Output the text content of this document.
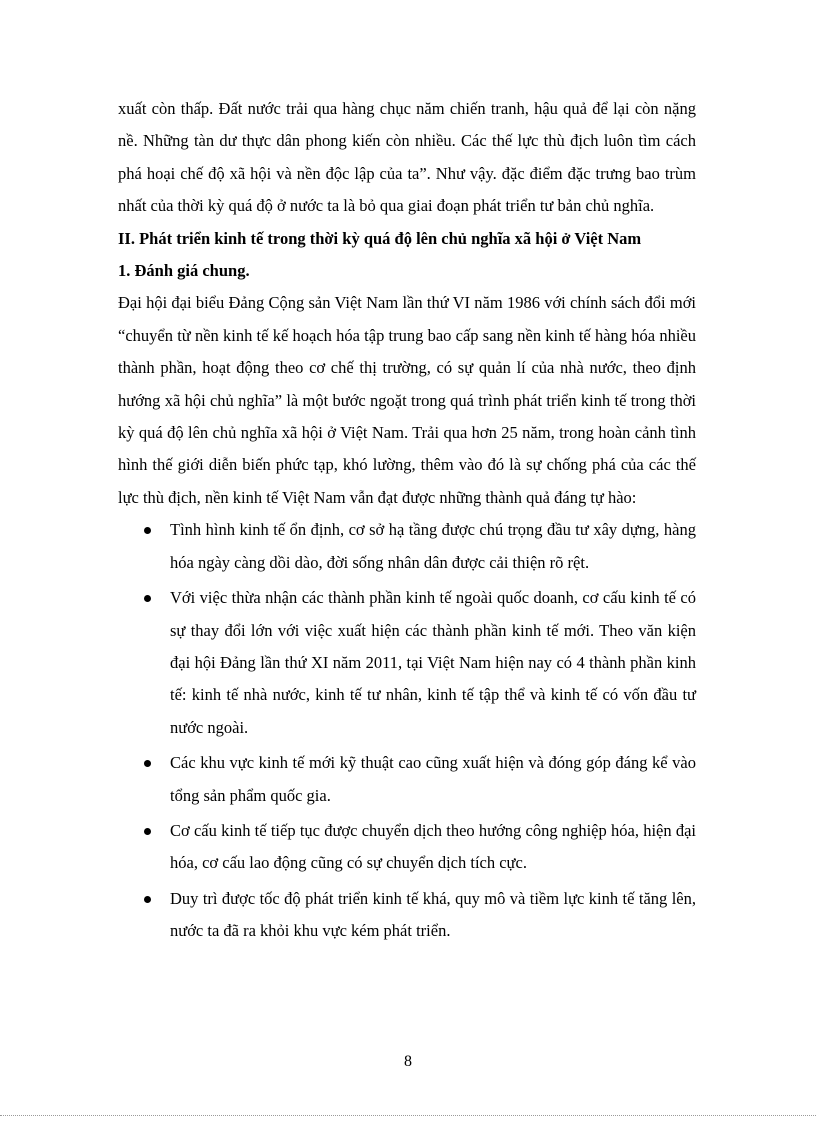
xuất còn thấp. Đất nước trải qua hàng chục năm chiến tranh, hậu quả để lại còn nặng nề. Những tàn dư thực dân phong kiến còn nhiều. Các thế lực thù địch luôn tìm cách phá hoại chế độ xã hội và nền độc lập của ta”. Như vậy. đặc điểm đặc trưng bao trùm nhất của thời kỳ quá độ ở nước ta là bỏ qua giai đoạn phát triển tư bản chủ nghĩa.

II. Phát triển kinh tế trong thời kỳ quá độ lên chủ nghĩa xã hội ở Việt Nam

1. Đánh giá chung.

Đại hội đại biểu Đảng Cộng sản Việt Nam lần thứ VI năm 1986 với chính sách đổi mới “chuyển từ nền kinh tế kế hoạch hóa tập trung bao cấp sang nền kinh tế hàng hóa nhiều thành phần, hoạt động theo cơ chế thị trường, có sự quản lí của nhà nước, theo định hướng xã hội chủ nghĩa” là một bước ngoặt trong quá trình phát triển kinh tế trong thời kỳ quá độ lên chủ nghĩa xã hội ở Việt Nam. Trải qua hơn 25 năm, trong hoàn cảnh tình hình thế giới diễn biến phức tạp, khó lường, thêm vào đó là sự chống phá của các thế lực thù địch, nền kinh tế Việt Nam vẫn đạt được những thành quả đáng tự hào:

Tình hình kinh tế ổn định, cơ sở hạ tầng được chú trọng đầu tư xây dựng, hàng hóa ngày càng dồi dào, đời sống nhân dân được cải thiện rõ rệt.
Với việc thừa nhận các thành phần kinh tế ngoài quốc doanh, cơ cấu kinh tế có sự thay đổi lớn với việc xuất hiện các thành phần kinh tế mới. Theo văn kiện đại hội Đảng lần thứ XI năm 2011, tại Việt Nam hiện nay có 4 thành phần kinh tế: kinh tế nhà nước, kinh tế tư nhân, kinh tế tập thể và kinh tế có vốn đầu tư nước ngoài.
Các khu vực kinh tế mới kỹ thuật cao cũng xuất hiện và đóng góp đáng kể vào tổng sản phẩm quốc gia.
Cơ cấu kinh tế tiếp tục được chuyển dịch theo hướng công nghiệp hóa, hiện đại hóa, cơ cấu lao động cũng có sự chuyển dịch tích cực.
Duy trì được tốc độ phát triển kinh tế khá, quy mô và tiềm lực kinh tế tăng lên, nước ta đã ra khỏi khu vực kém phát triển.
8
